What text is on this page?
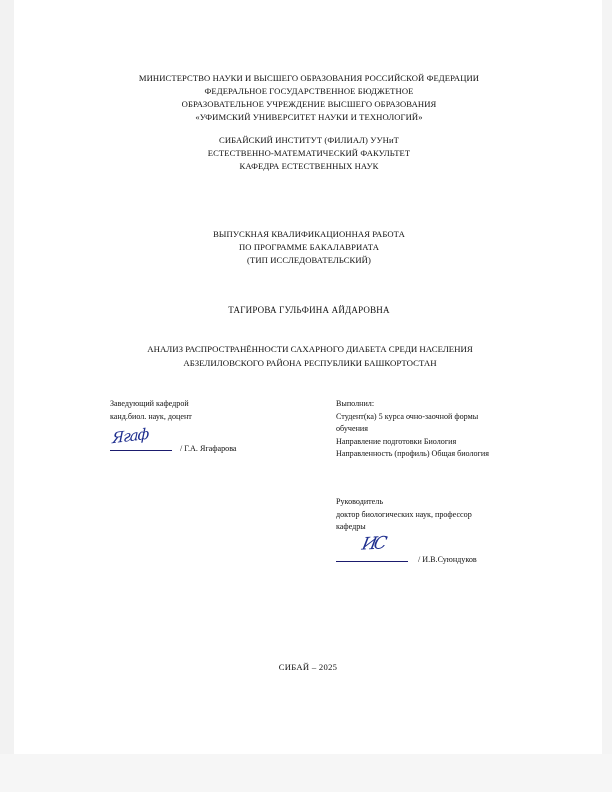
МИНИСТЕРСТВО НАУКИ И ВЫСШЕГО ОБРАЗОВАНИЯ РОССИЙСКОЙ ФЕДЕРАЦИИ
ФЕДЕРАЛЬНОЕ ГОСУДАРСТВЕННОЕ БЮДЖЕТНОЕ
ОБРАЗОВАТЕЛЬНОЕ УЧРЕЖДЕНИЕ ВЫСШЕГО ОБРАЗОВАНИЯ
«УФИМСКИЙ УНИВЕРСИТЕТ НАУКИ И ТЕХНОЛОГИЙ»
СИБАЙСКИЙ ИНСТИТУТ (ФИЛИАЛ) УУНиТ
ЕСТЕСТВЕННО-МАТЕМАТИЧЕСКИЙ ФАКУЛЬТЕТ
КАФЕДРА ЕСТЕСТВЕННЫХ НАУК
ВЫПУСКНАЯ КВАЛИФИКАЦИОННАЯ РАБОТА
ПО ПРОГРАММЕ БАКАЛАВРИАТА
(ТИП ИССЛЕДОВАТЕЛЬСКИЙ)
ТАГИРОВА ГУЛЬФИНА АЙДАРОВНА
АНАЛИЗ РАСПРОСТРАНЁННОСТИ САХАРНОГО ДИАБЕТА СРЕДИ НАСЕЛЕНИЯ
АБЗЕЛИЛОВСКОГО РАЙОНА РЕСПУБЛИКИ БАШКОРТОСТАН
Заведующий кафедрой
канд.биол. наук, доцент
Ягаф
/ Г.А. Ягафарова
Выполнил:
Студент(ка) 5 курса очно-заочной формы
обучения
Направление подготовки Биология
Направленность (профиль) Общая биология
Руководитель
доктор биологических наук, профессор
кафедры
ИС
/ И.В.Суюндуков
СИБАЙ – 2025
